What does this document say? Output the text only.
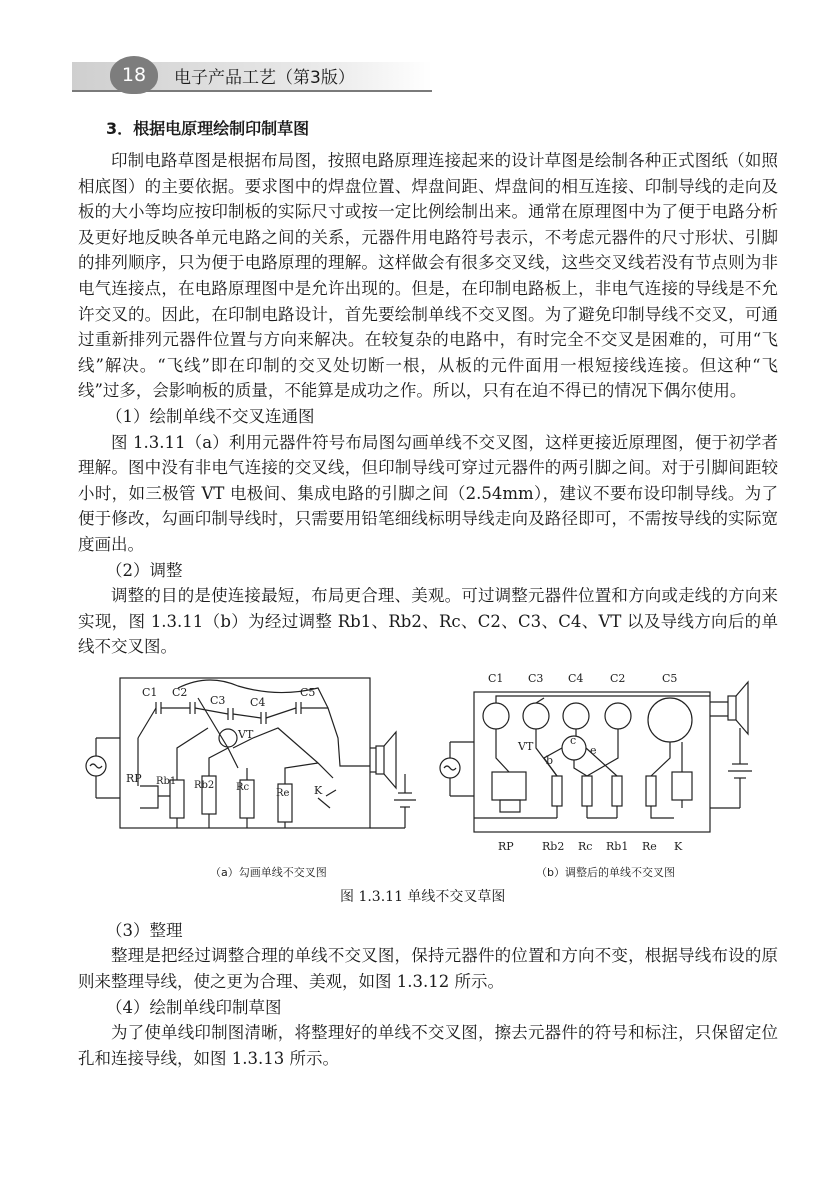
18	电子产品工艺（第3版）
3．根据电原理绘制印制草图

印制电路草图是根据布局图，按照电路原理连接起来的设计草图是绘制各种正式图纸（如照相底图）的主要依据。要求图中的焊盘位置、焊盘间距、焊盘间的相互连接、印制导线的走向及板的大小等均应按印制板的实际尺寸或按一定比例绘制出来。通常在原理图中为了便于电路分析及更好地反映各单元电路之间的关系，元器件用电路符号表示，不考虑元器件的尺寸形状、引脚的排列顺序，只为便于电路原理的理解。这样做会有很多交叉线，这些交叉线若没有节点则为非电气连接点，在电路原理图中是允许出现的。但是，在印制电路板上，非电气连接的导线是不允许交叉的。因此，在印制电路设计，首先要绘制单线不交叉图。为了避免印制导线不交叉，可通过重新排列元器件位置与方向来解决。在较复杂的电路中，有时完全不交叉是困难的，可用“飞线”解决。“飞线”即在印制的交叉处切断一根，从板的元件面用一根短接线连接。但这种“飞线”过多，会影响板的质量，不能算是成功之作。所以，只有在迫不得已的情况下偶尔使用。

（1）绘制单线不交叉连通图

图 1.3.11（a）利用元器件符号布局图勾画单线不交叉图，这样更接近原理图，便于初学者理解。图中没有非电气连接的交叉线，但印制导线可穿过元器件的两引脚之间。对于引脚间距较小时，如三极管 VT 电极间、集成电路的引脚之间（2.54mm），建议不要布设印制导线。为了便于修改，勾画印制导线时，只需要用铅笔细线标明导线走向及路径即可，不需按导线的实际宽度画出。

（2）调整

调整的目的是使连接最短，布局更合理、美观。可过调整元器件位置和方向或走线的方向来实现，图 1.3.11（b）为经过调整 Rb1、Rb2、Rc、C2、C3、C4、VT 以及导线方向后的单线不交叉图。

C1 C2
C3 C4
C5
VT
RP Rb1 Rb2 Rc
Re K
C1 C3 C4 C2	C5
VT
b
c
e
RP	Rb2 Rc Rb1 Re K
（a）勾画单线不交叉图	（b）调整后的单线不交叉图
图 1.3.11 单线不交叉草图
（3）整理

整理是把经过调整合理的单线不交叉图，保持元器件的位置和方向不变，根据导线布设的原则来整理导线，使之更为合理、美观，如图 1.3.12 所示。

（4）绘制单线印制草图

为了使单线印制图清晰，将整理好的单线不交叉图，擦去元器件的符号和标注，只保留定位孔和连接导线，如图 1.3.13 所示。
